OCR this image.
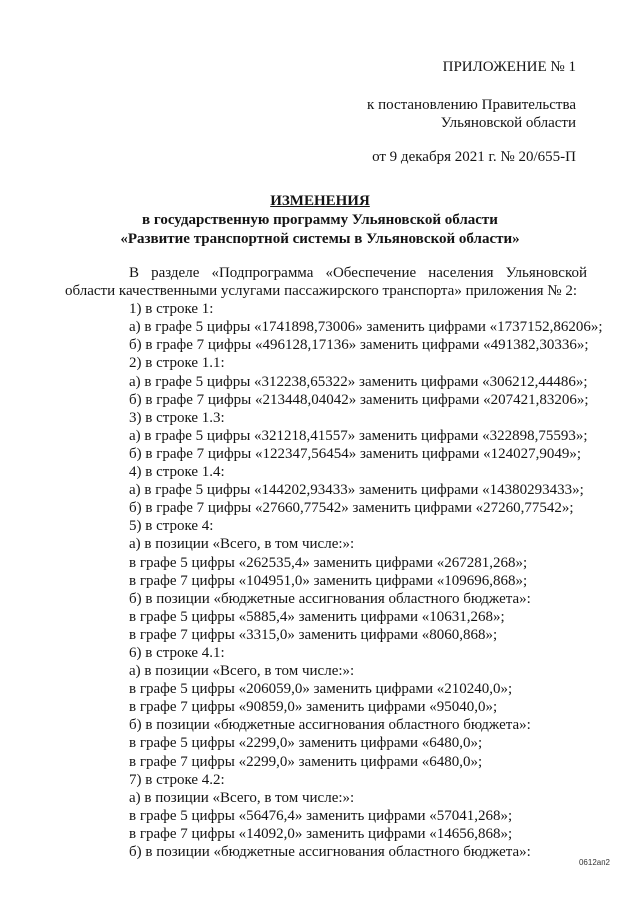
ПРИЛОЖЕНИЕ № 1
к постановлению Правительства
Ульяновской области
от 9 декабря 2021 г. № 20/655-П
ИЗМЕНЕНИЯ
в государственную программу Ульяновской области
«Развитие транспортной системы в Ульяновской области»

В разделе «Подпрограмма «Обеспечение населения Ульяновской области качественными услугами пассажирского транспорта» приложения № 2:

1) в строке 1:

а) в графе 5 цифры «1741898,73006» заменить цифрами «1737152,86206»;

б) в графе 7 цифры «496128,17136» заменить цифрами «491382,30336»;

2) в строке 1.1:

а) в графе 5 цифры «312238,65322» заменить цифрами «306212,44486»;

б) в графе 7 цифры «213448,04042» заменить цифрами «207421,83206»;

3) в строке 1.3:

а) в графе 5 цифры «321218,41557» заменить цифрами «322898,75593»;

б) в графе 7 цифры «122347,56454» заменить цифрами «124027,9049»;

4) в строке 1.4:

а) в графе 5 цифры «144202,93433» заменить цифрами «14380293433»;

б) в графе 7 цифры «27660,77542» заменить цифрами «27260,77542»;

5) в строке 4:

а) в позиции «Всего, в том числе:»:

в графе 5 цифры «262535,4» заменить цифрами «267281,268»;

в графе 7 цифры «104951,0» заменить цифрами «109696,868»;

б) в позиции «бюджетные ассигнования областного бюджета»:

в графе 5 цифры «5885,4» заменить цифрами «10631,268»;

в графе 7 цифры «3315,0» заменить цифрами «8060,868»;

6) в строке 4.1:

а) в позиции «Всего, в том числе:»:

в графе 5 цифры «206059,0» заменить цифрами «210240,0»;

в графе 7 цифры «90859,0» заменить цифрами «95040,0»;

б) в позиции «бюджетные ассигнования областного бюджета»:

в графе 5 цифры «2299,0» заменить цифрами «6480,0»;

в графе 7 цифры «2299,0» заменить цифрами «6480,0»;

7) в строке 4.2:

а) в позиции «Всего, в том числе:»:

в графе 5 цифры «56476,4» заменить цифрами «57041,268»;

в графе 7 цифры «14092,0» заменить цифрами «14656,868»;

б) в позиции «бюджетные ассигнования областного бюджета»:

0612ап2
